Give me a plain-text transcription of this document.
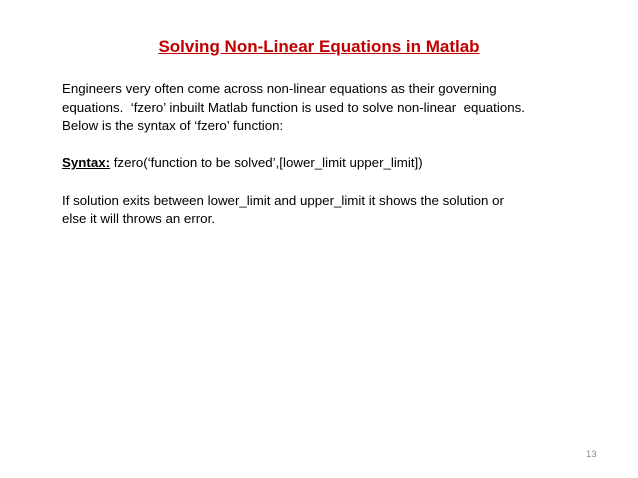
Solving Non-Linear Equations in Matlab
Engineers very often come across non-linear equations as their governing
equations.  ‘fzero’ inbuilt Matlab function is used to solve non-linear  equations.
Below is the syntax of ‘fzero’ function:
Syntax: fzero(‘function to be solved’,[lower_limit upper_limit])
If solution exits between lower_limit and upper_limit it shows the solution or
else it will throws an error.
13
